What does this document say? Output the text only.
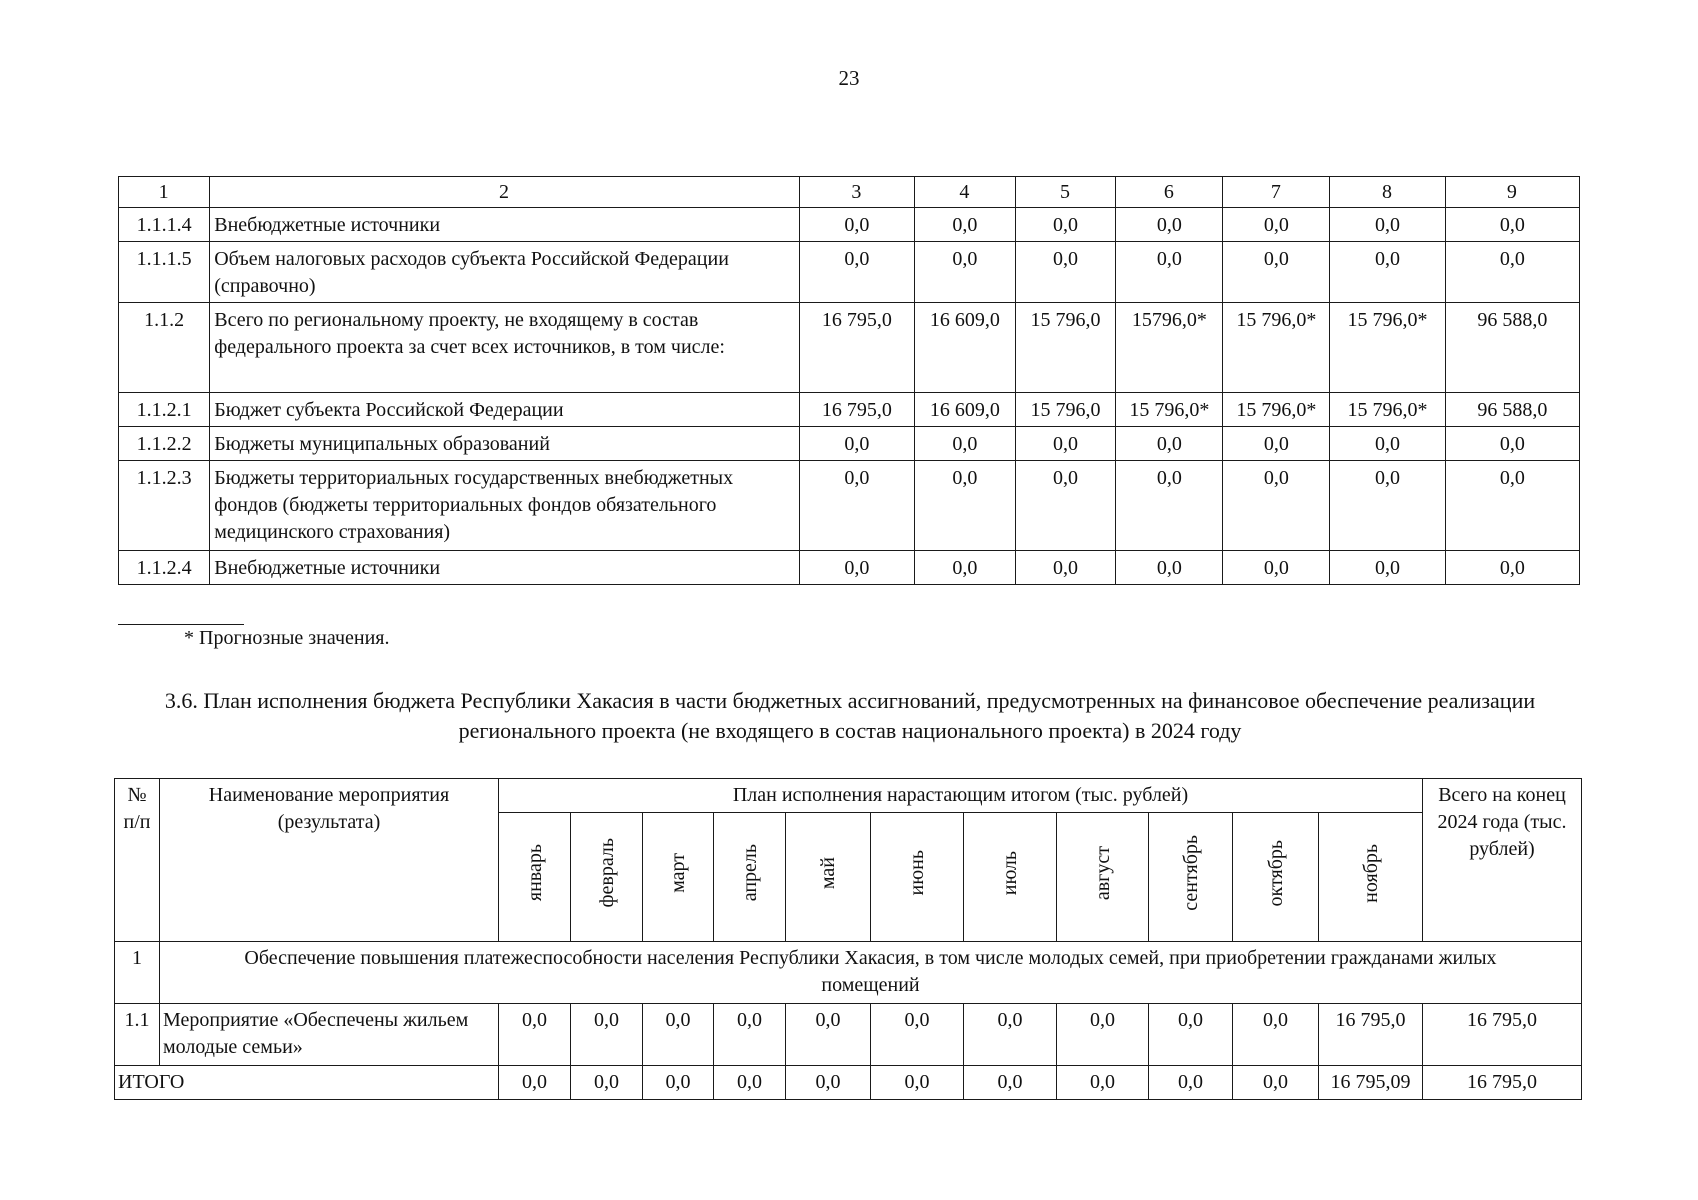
23
1	2	3	4	5	6	7	8	9
1.1.1.4	Внебюджетные источники	0,0	0,0	0,0	0,0	0,0	0,0	0,0
1.1.1.5	Объем налоговых расходов субъекта Российской Федерации (справочно)	0,0	0,0	0,0	0,0	0,0	0,0	0,0
1.1.2	Всего по региональному проекту, не входящему в состав федерального проекта за счет всех источников, в том числе:	16 795,0	16 609,0	15 796,0	15796,0*	15 796,0*	15 796,0*	96 588,0
1.1.2.1	Бюджет субъекта Российской Федерации	16 795,0	16 609,0	15 796,0	15 796,0*	15 796,0*	15 796,0*	96 588,0
1.1.2.2	Бюджеты муниципальных образований	0,0	0,0	0,0	0,0	0,0	0,0	0,0
1.1.2.3	Бюджеты территориальных государственных внебюджетных фондов (бюджеты территориальных фондов обязательного медицинского страхования)	0,0	0,0	0,0	0,0	0,0	0,0	0,0
1.1.2.4	Внебюджетные источники	0,0	0,0	0,0	0,0	0,0	0,0	0,0
* Прогнозные значения.
3.6. План исполнения бюджета Республики Хакасия в части бюджетных ассигнований, предусмотренных на финансовое обеспечение реализации регионального проекта (не входящего в состав национального проекта) в 2024 году
№ п/п	Наименование мероприятия (результата)	План исполнения нарастающим итогом (тыс. рублей)											Всего на конец 2024 года (тыс. рублей)
		январь	февраль	март	апрель	май	июнь	июль	август	сентябрь	октябрь	ноябрь	
1	Обеспечение повышения платежеспособности населения Республики Хакасия, в том числе молодых семей, при приобретении гражданами жилых помещений												
1.1	Мероприятие «Обеспечены жильем молодые семьи»	0,0	0,0	0,0	0,0	0,0	0,0	0,0	0,0	0,0	0,0	16 795,0	16 795,0
ИТОГО		0,0	0,0	0,0	0,0	0,0	0,0	0,0	0,0	0,0	0,0	16 795,09	16 795,0
